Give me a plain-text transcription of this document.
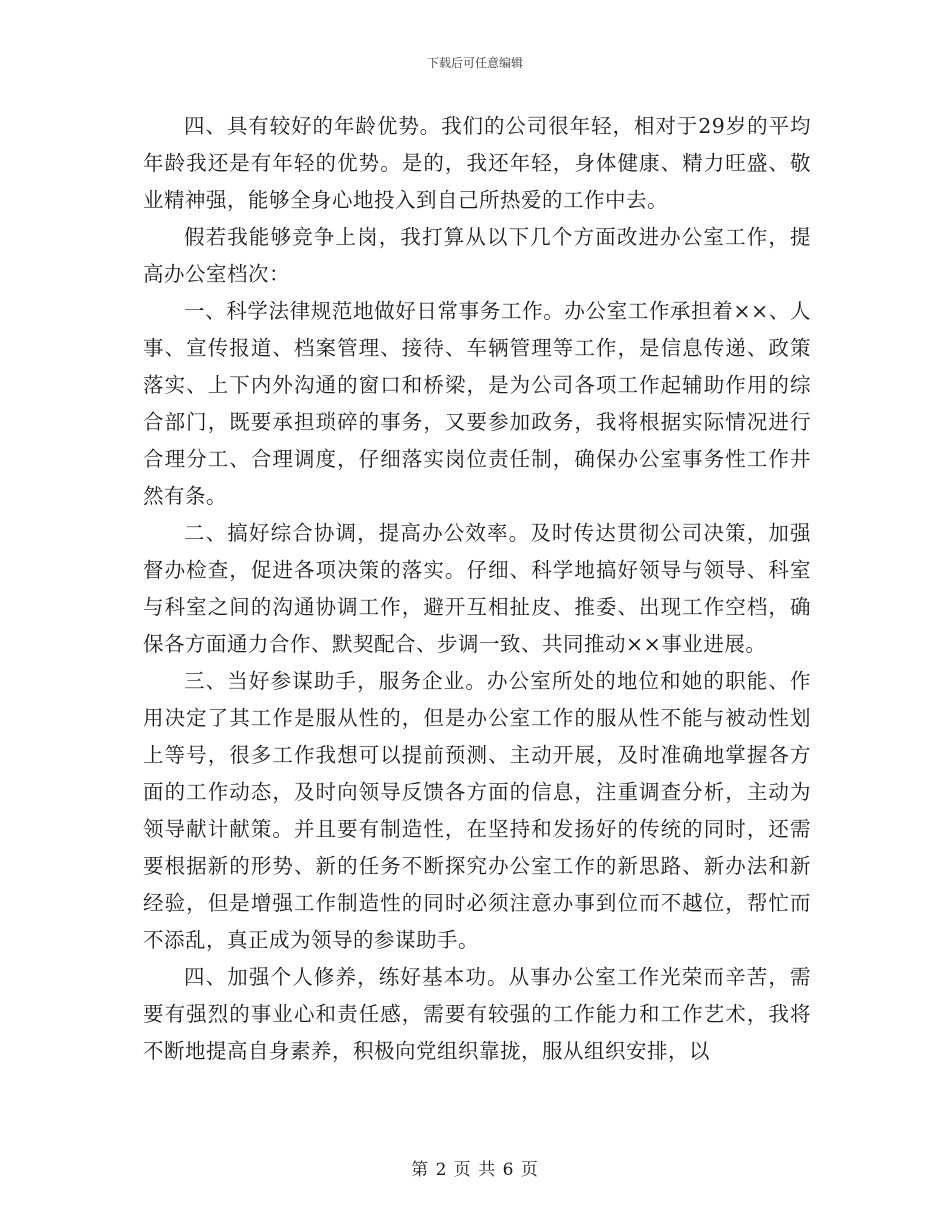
下载后可任意编辑

四、具有较好的年龄优势。我们的公司很年轻，相对于29岁的平均年龄我还是有年轻的优势。是的，我还年轻，身体健康、精力旺盛、敬业精神强，能够全身心地投入到自己所热爱的工作中去。

假若我能够竞争上岗，我打算从以下几个方面改进办公室工作，提高办公室档次：

一、科学法律规范地做好日常事务工作。办公室工作承担着××、人事、宣传报道、档案管理、接待、车辆管理等工作，是信息传递、政策落实、上下内外沟通的窗口和桥梁，是为公司各项工作起辅助作用的综合部门，既要承担琐碎的事务，又要参加政务，我将根据实际情况进行合理分工、合理调度，仔细落实岗位责任制，确保办公室事务性工作井然有条。

二、搞好综合协调，提高办公效率。及时传达贯彻公司决策，加强督办检查，促进各项决策的落实。仔细、科学地搞好领导与领导、科室与科室之间的沟通协调工作，避开互相扯皮、推委、出现工作空档，确保各方面通力合作、默契配合、步调一致、共同推动××事业进展。

三、当好参谋助手，服务企业。办公室所处的地位和她的职能、作用决定了其工作是服从性的，但是办公室工作的服从性不能与被动性划上等号，很多工作我想可以提前预测、主动开展，及时准确地掌握各方面的工作动态，及时向领导反馈各方面的信息，注重调查分析，主动为领导献计献策。并且要有制造性，在坚持和发扬好的传统的同时，还需要根据新的形势、新的任务不断探究办公室工作的新思路、新办法和新经验，但是增强工作制造性的同时必须注意办事到位而不越位，帮忙而不添乱，真正成为领导的参谋助手。

四、加强个人修养，练好基本功。从事办公室工作光荣而辛苦，需要有强烈的事业心和责任感，需要有较强的工作能力和工作艺术，我将不断地提高自身素养，积极向党组织靠拢，服从组织安排，以

第 2 页 共 6 页
